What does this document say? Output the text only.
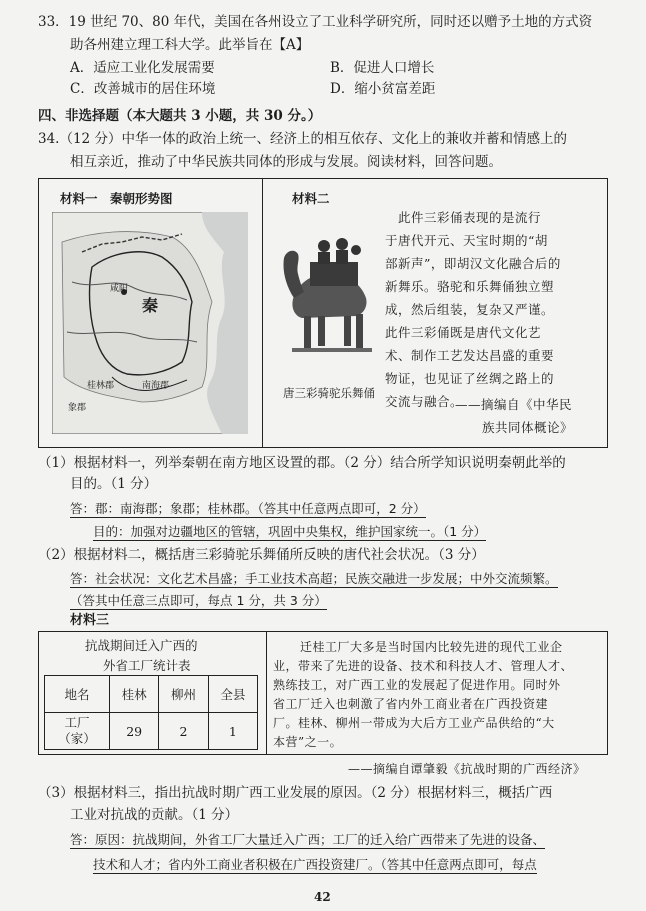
33．19 世纪 70、80 年代，美国在各州设立了工业科学研究所，同时还以赠予土地的方式资
助各州建立理工科大学。此举旨在【A】
A．适应工业化发展需要	B．促进人口增长
C．改善城市的居住环境	D．缩小贫富差距
四、非选择题（本大题共 3 小题，共 30 分。）
34.（12 分）中华一体的政治上统一、经济上的相互依存、文化上的兼收并蓄和情感上的
相互亲近，推动了中华民族共同体的形成与发展。阅读材料，回答问题。
材料一　秦朝形势图
秦
咸阳
南海郡
桂林郡
象郡
材料二
唐三彩骑驼乐舞俑
此件三彩俑表现的是流行
于唐代开元、天宝时期的“胡
部新声”，即胡汉文化融合后的
新舞乐。骆驼和乐舞俑独立塑
成，然后组装，复杂又严谨。
此件三彩俑既是唐代文化艺
术、制作工艺发达昌盛的重要
物证，也见证了丝绸之路上的
交流与融合。
——摘编自《中华民
族共同体概论》
（1）根据材料一，列举秦朝在南方地区设置的郡。（2 分）结合所学知识说明秦朝此举的
目的。（1 分）
答：郡：南海郡；象郡；桂林郡。（答其中任意两点即可，2 分）
目的：加强对边疆地区的管辖，巩固中央集权，维护国家统一。（1 分）
（2）根据材料二，概括唐三彩骑驼乐舞俑所反映的唐代社会状况。（3 分）
答：社会状况：文化艺术昌盛；手工业技术高超；民族交融进一步发展；中外交流频繁。
（答其中任意三点即可，每点 1 分，共 3 分）
材料三
抗战期间迁入广西的
外省工厂统计表
地名	桂林	柳州	全县
工厂
（家）	29	2	1
迁桂工厂大多是当时国内比较先进的现代工业企
业，带来了先进的设备、技术和科技人才、管理人才、
熟练技工，对广西工业的发展起了促进作用。同时外
省工厂迁入也刺激了省内外工商业者在广西投资建
厂。桂林、柳州一带成为大后方工业产品供给的“大
本营”之一。
——摘编自谭肇毅《抗战时期的广西经济》
（3）根据材料三，指出抗战时期广西工业发展的原因。（2 分）根据材料三，概括广西
工业对抗战的贡献。（1 分）
答：原因：抗战期间，外省工厂大量迁入广西；工厂的迁入给广西带来了先进的设备、
技术和人才；省内外工商业者积极在广西投资建厂。（答其中任意两点即可，每点
42
